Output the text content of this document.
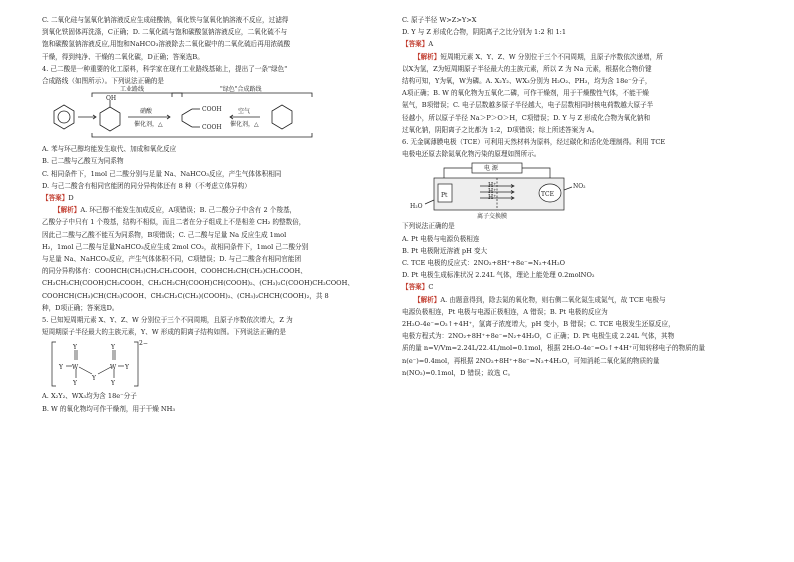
C. 二氧化硅与氢氧化钠溶液反应生成硅酸钠，氧化铁与氢氧化钠溶液不反应，过滤得

到氧化铁固体再洗涤，C正确；D. 二氧化硫与饱和碳酸氢钠溶液反应，二氧化硫不与

饱和碳酸氢钠溶液反应,用饱和NaHCO₃溶液除去二氧化碳中的二氧化硫后再用浓硫酸

干燥，得到纯净、干燥的二氧化碳，D正确；答案选B。

4. 己二酸是一种重要的化工原料，科学家在现有工业路线基础上，提出了一条"绿色"

合成路线（如图所示）。下列说法正确的是

工业路线	"绿色"合成路线
OH
硝酸
催化剂，△
COOH
COOH
空气
催化剂，△

A. 苯与环己醇均能发生取代、加成和氧化反应

B. 己二酸与乙酸互为同系物

C. 相同条件下，1mol 己二酸分别与足量 Na、NaHCO₃反应，产生气体体积相同

D. 与己二酸含有相同官能团的同分异构体还有 8 种（不考虑立体异构）

【答案】D

【解析】A. 环己醇不能发生加成反应，A项错误；B. 己二酸分子中含有 2 个羧基，

乙酸分子中只有 1 个羧基，结构不相似，而且二者在分子组成上不是相差 CH₂ 的整数倍，

因此己二酸与乙酸不能互为同系物，B项错误；C. 己二酸与足量 Na 反应生成 1mol

H₂，1mol 己二酸与足量NaHCO₃反应生成 2mol CO₂，故相同条件下，1mol 己二酸分别

与足量 Na、NaHCO₃反应，产生气体体积不同，C项错误；D. 与己二酸含有相同官能团

的同分异构体有：COOHCH(CH₃)CH₂CH₂COOH、COOHCH₂CH(CH₃)CH₂COOH、

CH₃CH₂CH(COOH)CH₂COOH、CH₃CH₂CH(COOH)CH(COOH)₂、(CH₃)₂C(COOH)CH₂COOH、

COOHCH(CH₃)CH(CH₃)COOH、CH₃CH₂C(CH₃)(COOH)₂、(CH₃)₂CHCH(COOH)₂，共 8

种，D项正确；答案选D。

5. 已知短周期元素 X、Y、Z、W 分别位于三个不同周期，且原子序数依次增大，Z 为

短周期原子半径最大的主族元素，Y、W 形成的阴离子结构如图。下列说法正确的是

Y	Y
Y W
Y
W Y
Y	Y
2−

A. X₂Y₂、WX₃均为含 18e⁻分子

B. W 的氧化物均可作干燥剂，用于干燥 NH₃

C. 原子半径 W>Z>Y>X

D. Y 与 Z 形成化合物，阴阳离子之比分别为 1:2 和 1:1

【答案】A

【解析】短周期元素 X、Y、Z、W 分别位于三个不同周期，且原子序数依次递增，所

以X为氢，Z为短周期原子半径最大的主族元素，所以 Z 为 Na 元素，根据化合物价键

结构可知，Y为氧，W为磷。A. X₂Y₂、WX₃分别为 H₂O₂、PH₃，均为含 18e⁻分子，

A项正确；B. W 的氧化物为五氧化二磷，可作干燥剂，用于干燥酸性气体，不能干燥

氨气，B项错误；C. 电子层数越多原子半径越大，电子层数相同时核电荷数越大原子半

径越小，所以原子半径 Na＞P＞O＞H，C项错误；D. Y 与 Z 形成化合物为氧化钠和

过氧化钠，阴阳离子之比都为 1:2，D项错误；综上所述答案为 A。

6. 无金属薄膜电极（TCE）可利用天然材料为原料，经过碳化和活化处理制得。利用 TCE

电极电还原去除氮氧化物污染的原理如图所示。

电 源
Pt	TCE
H⁺
H⁺
H⁺
H₂O
NO₂
离子交换膜

下列说法正确的是

A. Pt 电极与电源负极相连

B. Pt 电极附近溶液 pH 变大

C. TCE 电极的反应式：2NO₂+8H⁺+8e⁻=N₂+4H₂O

D. Pt 电极生成标准状况 2.24L 气体，理论上能处理 0.2molNO₂

【答案】C

【解析】A. 由题意得到，除去氮的氧化物，则右侧二氧化氮生成氮气，故 TCE 电极与

电源负极相连，Pt 电极与电源正极相连，A 错误；B. Pt 电极的反应为

2H₂O-4e⁻=O₂↑+4H⁺，氢离子浓度增大，pH 变小，B 错误；C. TCE 电极发生还原反应，

电极方程式为：2NO₂+8H⁺+8e⁻=N₂+4H₂O，C 正确；D. Pt 电极生成 2.24L 气体，其物

质的量 n=V/Vm=2.24L/22.4L/mol=0.1mol，根据 2H₂O-4e⁻=O₂↑+4H⁺可知转移电子的物质的量

n(e⁻)=0.4mol，再根据 2NO₂+8H⁺+8e⁻=N₂+4H₂O，可知消耗二氧化氮的物质的量

n(NO₂)=0.1mol，D 错误；故选 C。
